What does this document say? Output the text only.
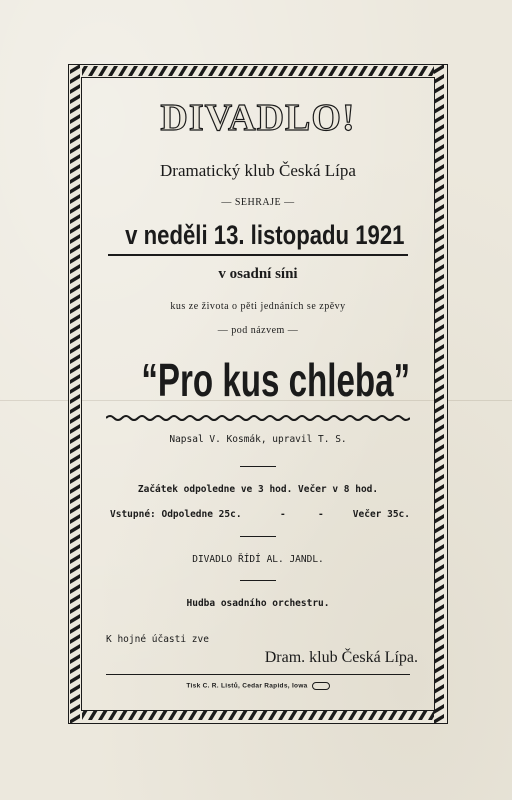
DIVADLO!
Dramatický klub Česká Lípa
— SEHRAJE —
v neděli 13. listopadu 1921
v osadní síni
kus ze života o pěti jednáních se zpěvy
— pod názvem —
“Pro kus chleba”
Napsal V. Kosmák, upravil T. S.
Začátek odpoledne ve 3 hod. Večer v 8 hod.
Vstupné: Odpoledne 25c.	-	-	Večer 35c.
DIVADLO ŘÍDÍ AL. JANDL.
Hudba osadního orchestru.
K hojné účasti zve
Dram. klub Česká Lípa.
Tisk C. R. Listů, Cedar Rapids, Iowa
